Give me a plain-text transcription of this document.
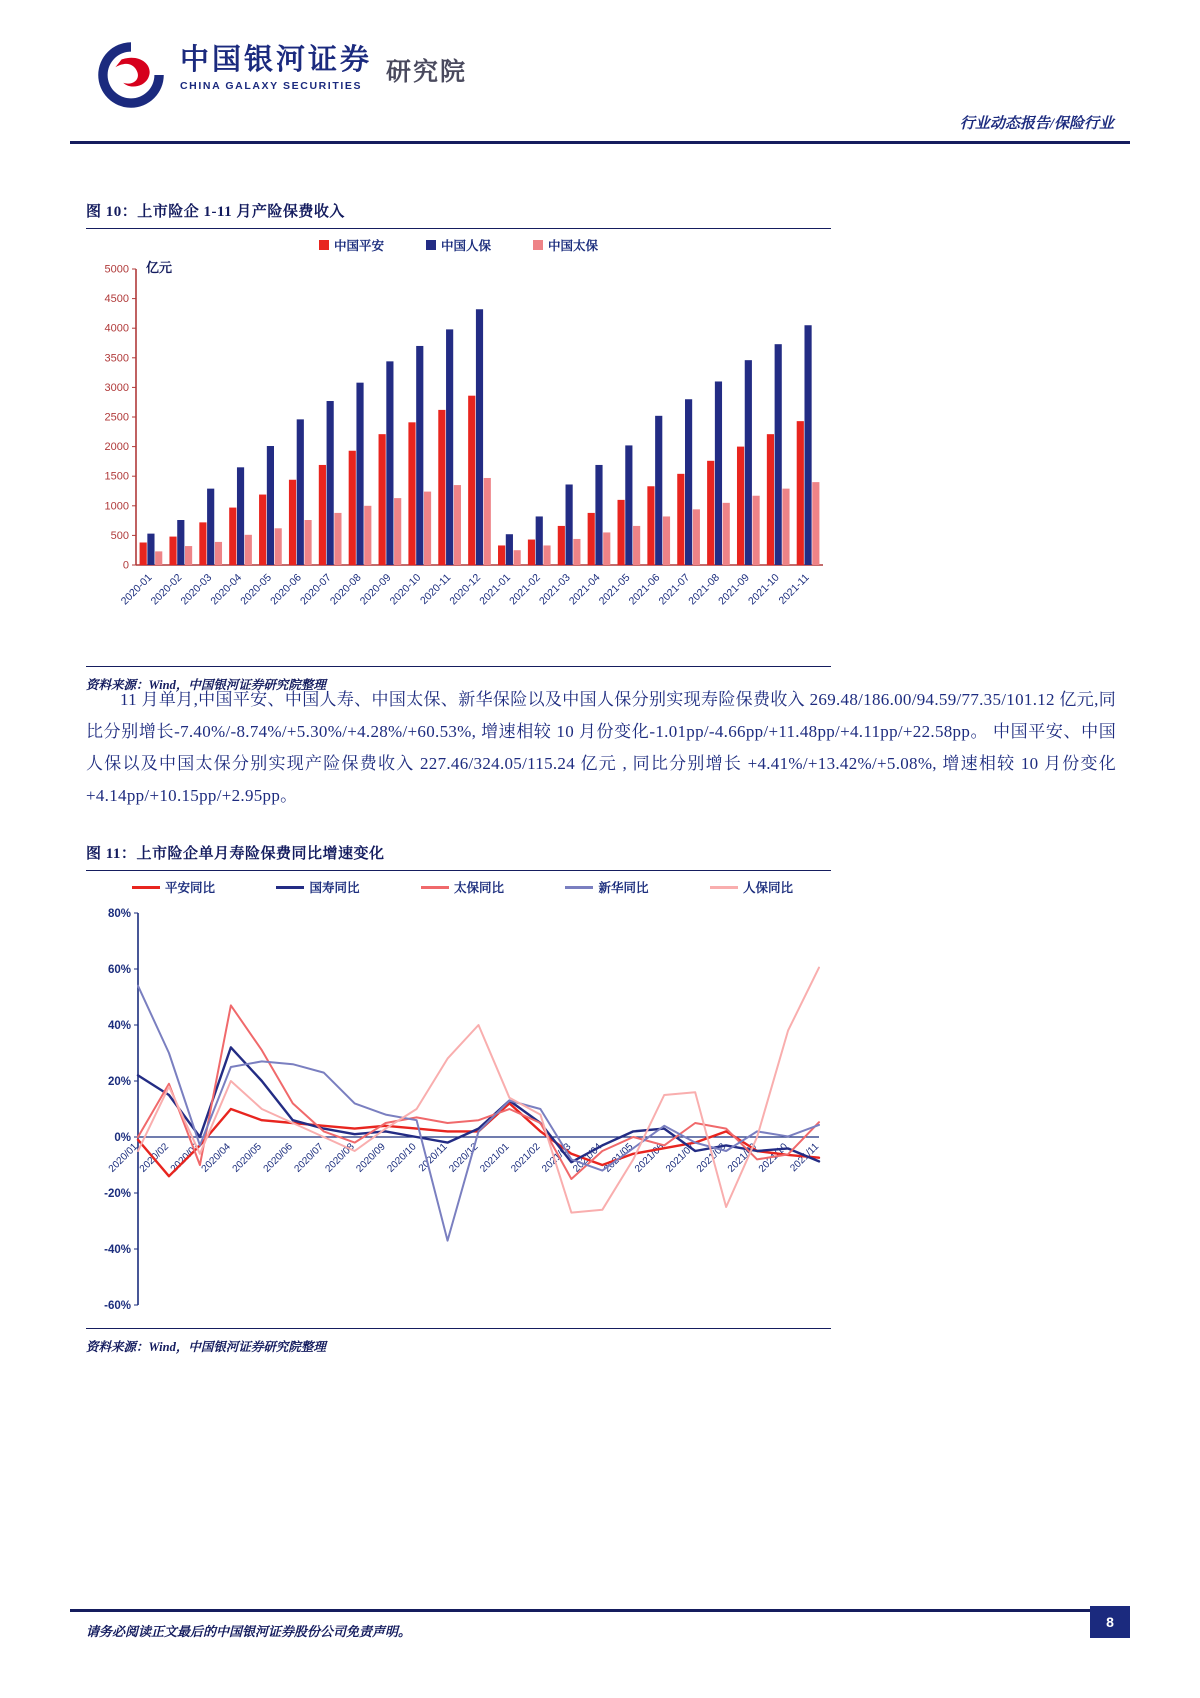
中国银河证券
CHINA GALAXY SECURITIES
研究院
行业动态报告/保险行业
图 10：上市险企 1-11 月产险保费收入
亿元
中国平安	中国人保	中国太保
0
500
1000
1500
2000
2500
3000
3500
4000
4500
5000
2020-01
2020-02
2020-03
2020-04
2020-05
2020-06
2020-07
2020-08
2020-09
2020-10
2020-11
2020-12
2021-01
2021-02
2021-03
2021-04
2021-05
2021-06
2021-07
2021-08
2021-09
2021-10
2021-11
资料来源：Wind，中国银河证券研究院整理
11 月单月,中国平安、中国人寿、中国太保、新华保险以及中国人保分别实现寿险保费收入 269.48/186.00/94.59/77.35/101.12 亿元,同比分别增长-7.40%/-8.74%/+5.30%/+4.28%/+60.53%, 增速相较 10 月份变化-1.01pp/-4.66pp/+11.48pp/+4.11pp/+22.58pp。 中国平安、中国人保以及中国太保分别实现产险保费收入 227.46/324.05/115.24 亿元 , 同比分别增长 +4.41%/+13.42%/+5.08%, 增速相较 10 月份变化+4.14pp/+10.15pp/+2.95pp。
图 11：上市险企单月寿险保费同比增速变化
平安同比	国寿同比	太保同比	新华同比	人保同比
-60%
-40%
-20%
0%
20%
40%
60%
80%
2020/01
2020/02
2020/03
2020/04
2020/05
2020/06
2020/07
2020/08
2020/09
2020/10
2020/11
2020/12
2021/01
2021/02
2021/03
2021/04
2021/05
2021/06
2021/07
2021/08
2021/09
2021/10
2021/11
资料来源：Wind，中国银河证券研究院整理
请务必阅读正文最后的中国银河证券股份公司免责声明。
8
